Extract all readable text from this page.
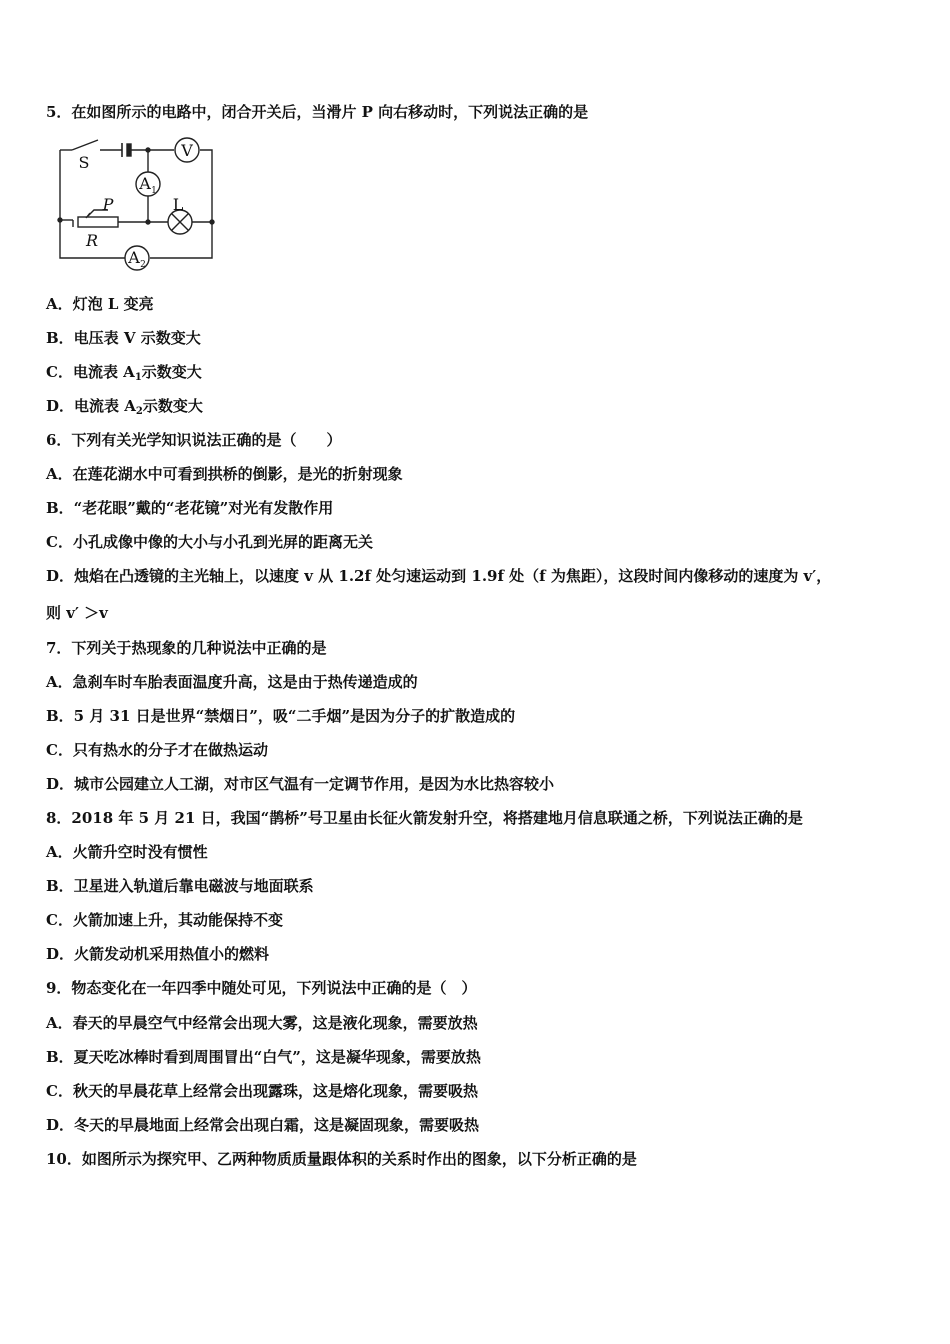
5．在如图所示的电路中，闭合开关后，当滑片 P 向右移动时，下列说法正确的是
V
A 1
L
A 2
S
P
R
A．灯泡 L 变亮
B．电压表 V 示数变大
C．电流表 $A_1$示数变大
D．电流表 $A_2$示数变大
6．下列有关光学知识说法正确的是（　　）
A．在莲花湖水中可看到拱桥的倒影，是光的折射现象
B．“老花眼”戴的“老花镜”对光有发散作用
C．小孔成像中像的大小与小孔到光屏的距离无关
D．烛焰在凸透镜的主光轴上，以速度 v 从 1.2f 处匀速运动到 1.9f 处（f 为焦距），这段时间内像移动的速度为 v′，
则 v′ ＞v
7．下列关于热现象的几种说法中正确的是
A．急刹车时车胎表面温度升高，这是由于热传递造成的
B．5 月 31 日是世界“禁烟日”，吸“二手烟”是因为分子的扩散造成的
C．只有热水的分子才在做热运动
D．城市公园建立人工湖，对市区气温有一定调节作用，是因为水比热容较小
8．2018 年 5 月 21 日，我国“鹊桥”号卫星由长征火箭发射升空，将搭建地月信息联通之桥，下列说法正确的是
A．火箭升空时没有惯性
B．卫星进入轨道后靠电磁波与地面联系
C．火箭加速上升，其动能保持不变
D．火箭发动机采用热值小的燃料
9．物态变化在一年四季中随处可见，下列说法中正确的是（　）
A．春天的早晨空气中经常会出现大雾，这是液化现象，需要放热
B．夏天吃冰棒时看到周围冒出“白气”，这是凝华现象，需要放热
C．秋天的早晨花草上经常会出现露珠，这是熔化现象，需要吸热
D．冬天的早晨地面上经常会出现白霜，这是凝固现象，需要吸热
10．如图所示为探究甲、乙两种物质质量跟体积的关系时作出的图象，以下分析正确的是
